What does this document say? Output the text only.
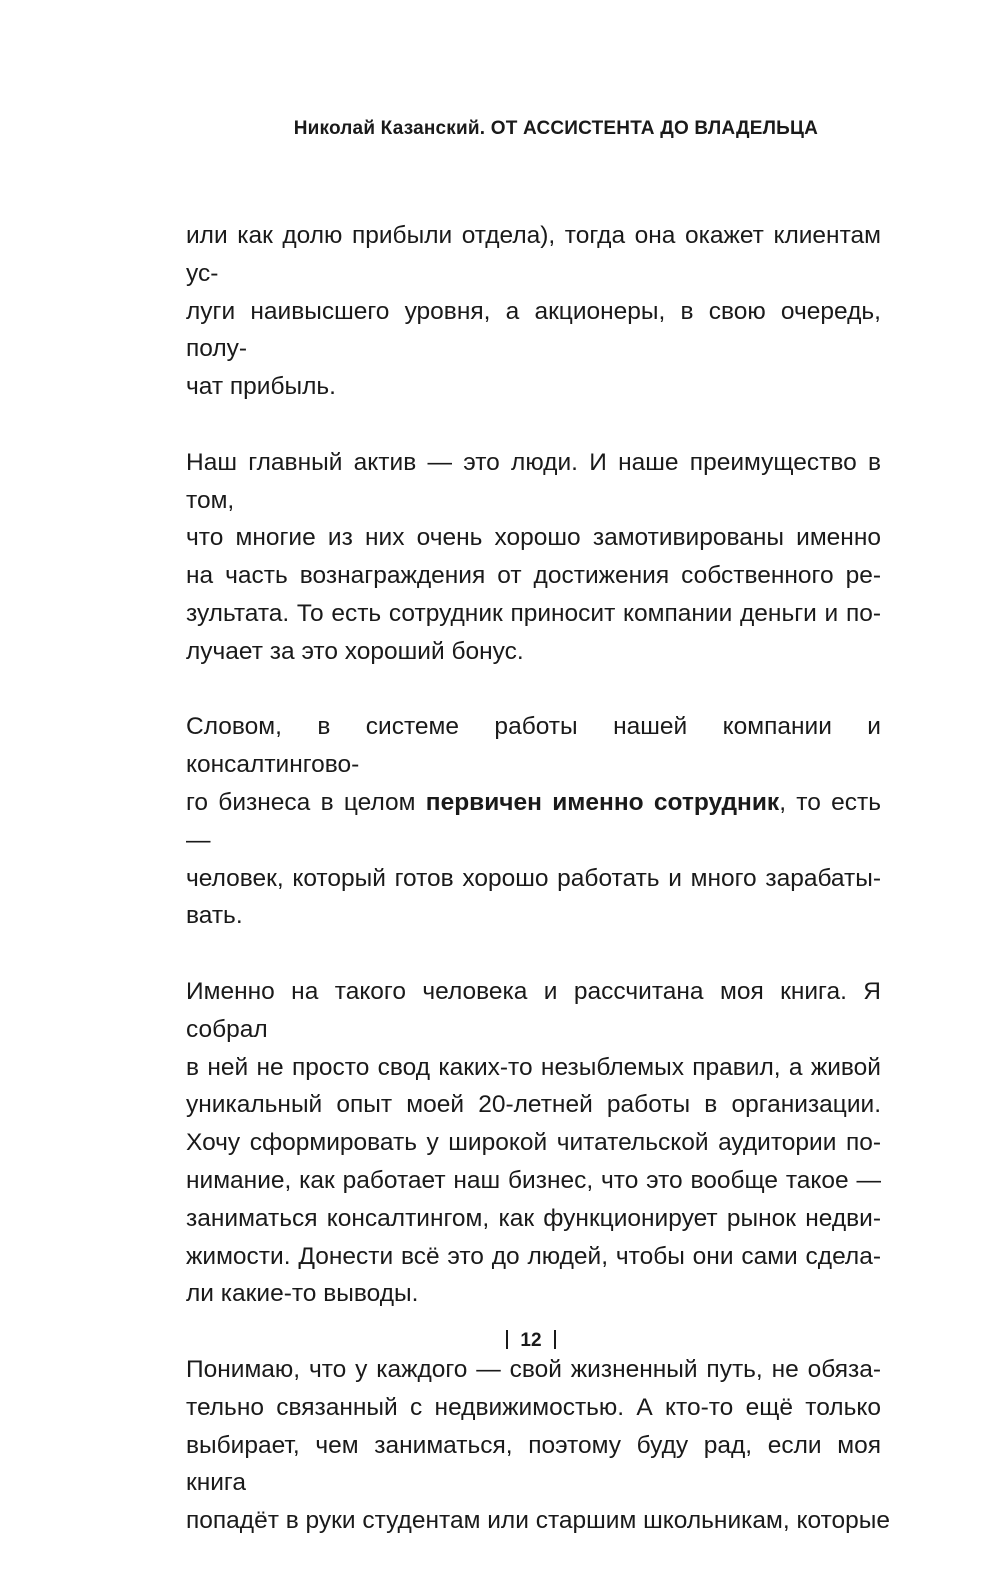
Николай Казанский. ОТ АССИСТЕНТА ДО ВЛАДЕЛЬЦА
или как долю прибыли отдела), тогда она окажет клиентам ус-
луги наивысшего уровня, а акционеры, в свою очередь, полу-
чат прибыль.
Наш главный актив — это люди. И наше преимущество в том,
что многие из них очень хорошо замотивированы именно
на часть вознаграждения от достижения собственного ре-
зультата. То есть сотрудник приносит компании деньги и по-
лучает за это хороший бонус.
Словом, в системе работы нашей компании и консалтингово-
го бизнеса в целом первичен именно сотрудник, то есть —
человек, который готов хорошо работать и много зарабаты-
вать.
Именно на такого человека и рассчитана моя книга. Я собрал
в ней не просто свод каких-то незыблемых правил, а живой
уникальный опыт моей 20-летней работы в организации.
Хочу сформировать у широкой читательской аудитории по-
нимание, как работает наш бизнес, что это вообще такое —
заниматься консалтингом, как функционирует рынок недви-
жимости. Донести всё это до людей, чтобы они сами сдела-
ли какие-то выводы.
Понимаю, что у каждого — свой жизненный путь, не обяза-
тельно связанный с недвижимостью. А кто-то ещё только
выбирает, чем заниматься, поэтому буду рад, если моя книга
попадёт в руки студентам или старшим школьникам, которые
12
